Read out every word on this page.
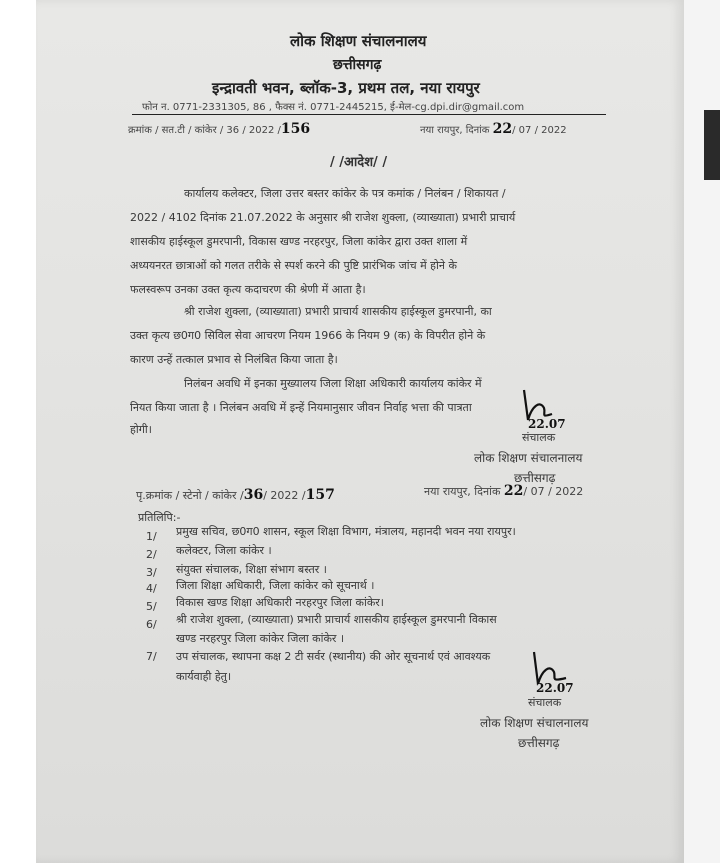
लोक शिक्षण संचालनालय
छत्तीसगढ़
इन्द्रावती भवन, ब्लॉक-3, प्रथम तल, नया रायपुर
फोन न. 0771-2331305, 86 , फैक्स नं. 0771-2445215, ई-मेल-cg.dpi.dir@gmail.com
क्रमांक / सत.टी / कांकेर / 36 / 2022 /156	नया रायपुर, दिनांक 22/ 07 / 2022
/ /आदेश/ /
कार्यालय कलेक्टर, जिला उत्तर बस्तर कांकेर के पत्र कमांक / निलंबन / शिकायत /
2022 / 4102 दिनांक 21.07.2022 के अनुसार श्री राजेश शुक्ला, (व्याख्याता) प्रभारी प्राचार्य
शासकीय हाईस्कूल डुमरपानी, विकास खण्ड नरहरपुर, जिला कांकेर द्वारा उक्त शाला में
अध्ययनरत छात्राओं को गलत तरीके से स्पर्श करने की पुष्टि प्रारंभिक जांच में होने के
फलस्वरूप उनका उक्त कृत्य कदाचरण की श्रेणी में आता है।
श्री राजेश शुक्ला, (व्याख्याता) प्रभारी प्राचार्य शासकीय हाईस्कूल डुमरपानी, का
उक्त कृत्य छ0ग0 सिविल सेवा आचरण नियम 1966 के नियम 9 (क) के विपरीत होने के
कारण उन्हें तत्काल प्रभाव से निलंबित किया जाता है।
निलंबन अवधि में इनका मुख्यालय जिला शिक्षा अधिकारी कार्यालय कांकेर में
नियत किया जाता है । निलंबन अवधि में इन्हें नियमानुसार जीवन निर्वाह भत्ता की पात्रता
होगी।	22.07
संचालक
लोक शिक्षण संचालनालय
छत्तीसगढ़
पृ.क्रमांक / स्टेनो / कांकेर /36/ 2022 /157	नया रायपुर, दिनांक 22/ 07 / 2022
प्रतिलिपि:-
1/ प्रमुख सचिव, छ0ग0 शासन, स्कूल शिक्षा विभाग, मंत्रालय, महानदी भवन नया रायपुर।
2/ कलेक्टर, जिला कांकेर ।
3/ संयुक्त संचालक, शिक्षा संभाग बस्तर ।
4/ जिला शिक्षा अधिकारी, जिला कांकेर को सूचनार्थ ।
5/ विकास खण्ड शिक्षा अधिकारी नरहरपुर जिला कांकेर।
6/ श्री राजेश शुक्ला, (व्याख्याता) प्रभारी प्राचार्य शासकीय हाईस्कूल डुमरपानी विकास
खण्ड नरहरपुर जिला कांकेर जिला कांकेर ।
7/ उप संचालक, स्थापना कक्ष 2 टी सर्वर (स्थानीय) की ओर सूचनार्थ एवं आवश्यक
कार्यवाही हेतु।
22.07
संचालक
लोक शिक्षण संचालनालय
छत्तीसगढ़
